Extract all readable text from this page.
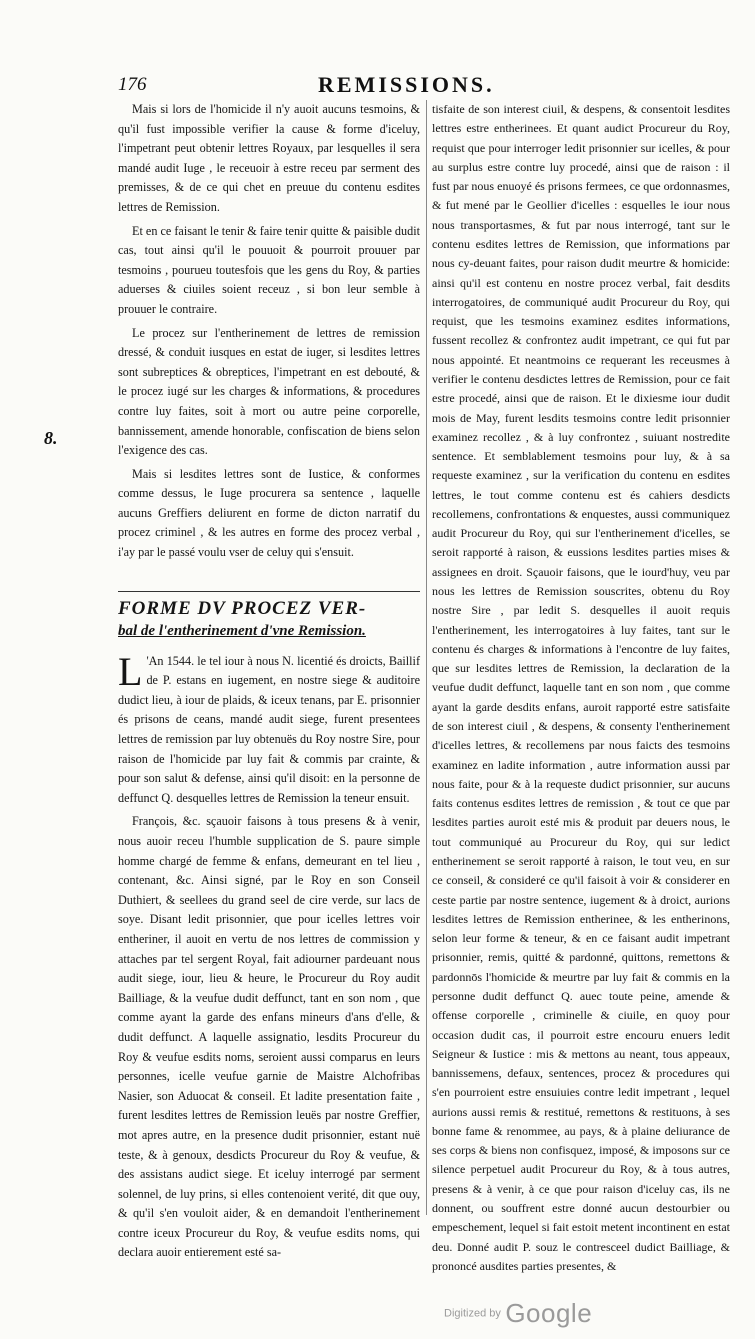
176	REMISSIONS.
8.

Mais si lors de l'homicide il n'y auoit aucuns tesmoins, & qu'il fust impossible verifier la cause & forme d'iceluy, l'impetrant peut obtenir lettres Royaux, par lesquelles il sera mandé audit Iuge , le receuoir à estre receu par serment des premisses, & de ce qui chet en preuue du contenu esdites lettres de Remission.

Et en ce faisant le tenir & faire tenir quitte & paisible dudit cas, tout ainsi qu'il le pouuoit & pourroit prouuer par tesmoins , pourueu toutesfois que les gens du Roy, & parties aduerses & ciuiles soient receuz , si bon leur semble à prouuer le contraire.

Le procez sur l'entherinement de lettres de remission dressé, & conduit iusques en estat de iuger, si lesdites lettres sont subreptices & obreptices, l'impetrant en est debouté, & le procez iugé sur les charges & informations, & procedures contre luy faites, soit à mort ou autre peine corporelle, bannissement, amende honorable, confiscation de biens selon l'exigence des cas.

Mais si lesdites lettres sont de Iustice, & conformes comme dessus, le Iuge procurera sa sentence , laquelle aucuns Greffiers deliurent en forme de dicton narratif du procez criminel , & les autres en forme des procez verbal , i'ay par le passé voulu vser de celuy qui s'ensuit.

FORME DV PROCEZ VER-
bal de l'entherinement d'vne Remission.

L 'An 1544. le tel iour à nous N. licentié és droicts, Baillif de P. estans en iugement, en nostre siege & auditoire dudict lieu, à iour de plaids, & iceux tenans, par E. prisonnier és prisons de ceans, mandé audit siege, furent presentees lettres de remission par luy obtenuës du Roy nostre Sire, pour raison de l'homicide par luy fait & commis par crainte, & pour son salut & defense, ainsi qu'il disoit: en la personne de deffunct Q. desquelles lettres de Remission la teneur ensuit.

François, &c. sçauoir faisons à tous presens & à venir, nous auoir receu l'humble supplication de S. paure simple homme chargé de femme & enfans, demeurant en tel lieu , contenant, &c. Ainsi signé, par le Roy en son Conseil Duthiert, & seellees du grand seel de cire verde, sur lacs de soye. Disant ledit prisonnier, que pour icelles lettres voir entheriner, il auoit en vertu de nos lettres de commission y attaches par tel sergent Royal, fait adiourner pardeuant nous audit siege, iour, lieu & heure, le Procureur du Roy audit Bailliage, & la veufue dudit deffunct, tant en son nom , que comme ayant la garde des enfans mineurs d'ans d'elle, & dudit deffunct. A laquelle assignatio, lesdits Procureur du Roy & veufue esdits noms, seroient aussi comparus en leurs personnes, icelle veufue garnie de Maistre Alchofribas Nasier, son Aduocat & conseil. Et ladite presentation faite , furent lesdites lettres de Remission leuës par nostre Greffier, mot apres autre, en la presence dudit prisonnier, estant nuë teste, & à genoux, desdicts Procureur du Roy & veufue, & des assistans audict siege. Et iceluy interrogé par serment solennel, de luy prins, si elles contenoient verité, dit que ouy, & qu'il s'en vouloit aider, & en demandoit l'entherinement contre iceux Procureur du Roy, & veufue esdits noms, qui declara auoir entierement esté sa-

tisfaite de son interest ciuil, & despens, & consentoit lesdites lettres estre entherinees. Et quant audict Procureur du Roy, requist que pour interroger ledit prisonnier sur icelles, & pour au surplus estre contre luy procedé, ainsi que de raison : il fust par nous enuoyé és prisons fermees, ce que ordonnasmes, & fut mené par le Geollier d'icelles : esquelles le iour nous nous transportasmes, & fut par nous interrogé, tant sur le contenu esdites lettres de Remission, que informations par nous cy-deuant faites, pour raison dudit meurtre & homicide: ainsi qu'il est contenu en nostre procez verbal, fait desdits interrogatoires, de communiqué audit Procureur du Roy, qui requist, que les tesmoins examinez esdites informations, fussent recollez & confrontez audit impetrant, ce qui fut par nous appointé. Et neantmoins ce requerant les receusmes à verifier le contenu desdictes lettres de Remission, pour ce fait estre procedé, ainsi que de raison. Et le dixiesme iour dudit mois de May, furent lesdits tesmoins contre ledit prisonnier examinez recollez , & à luy confrontez , suiuant nostredite sentence. Et semblablement tesmoins pour luy, & à sa requeste examinez , sur la verification du contenu en esdites lettres, le tout comme contenu est és cahiers desdicts recollemens, confrontations & enquestes, aussi communiquez audit Procureur du Roy, qui sur l'entherinement d'icelles, se seroit rapporté à raison, & eussions lesdites parties mises & assignees en droit. Sçauoir faisons, que le iourd'huy, veu par nous les lettres de Remission souscrites, obtenu du Roy nostre Sire , par ledit S. desquelles il auoit requis l'entherinement, les interrogatoires à luy faites, tant sur le contenu és charges & informations à l'encontre de luy faites, que sur lesdites lettres de Remission, la declaration de la veufue dudit deffunct, laquelle tant en son nom , que comme ayant la garde desdits enfans, auroit rapporté estre satisfaite de son interest ciuil , & despens, & consenty l'entherinement d'icelles lettres, & recollemens par nous faicts des tesmoins examinez en ladite information , autre information aussi par nous faite, pour & à la requeste dudict prisonnier, sur aucuns faits contenus esdites lettres de remission , & tout ce que par lesdites parties auroit esté mis & produit par deuers nous, le tout communiqué au Procureur du Roy, qui sur ledict entherinement se seroit rapporté à raison, le tout veu, en sur ce conseil, & consideré ce qu'il faisoit à voir & considerer en ceste partie par nostre sentence, iugement & à droict, aurions lesdites lettres de Remission entherinee, & les entherinons, selon leur forme & teneur, & en ce faisant audit impetrant prisonnier, remis, quitté & pardonné, quittons, remettons & pardonnōs l'homicide & meurtre par luy fait & commis en la personne dudit deffunct Q. auec toute peine, amende & offense corporelle , criminelle & ciuile, en quoy pour occasion dudit cas, il pourroit estre encouru enuers ledit Seigneur & Iustice : mis & mettons au neant, tous appeaux, bannissemens, defaux, sentences, procez & procedures qui s'en pourroient estre ensuiuies contre ledit impetrant , lequel aurions aussi remis & restitué, remettons & restituons, à ses bonne fame & renommee, au pays, & à plaine deliurance de ses corps & biens non confisquez, imposé, & imposons sur ce silence perpetuel audit Procureur du Roy, & à tous autres, presens & à venir, à ce que pour raison d'iceluy cas, ils ne donnent, ou souffrent estre donné aucun destourbier ou empeschement, lequel si fait estoit metent incontinent en estat deu. Donné audit P. souz le contresceel dudict Bailliage, & prononcé ausdites parties presentes, &

Digitized by Google
